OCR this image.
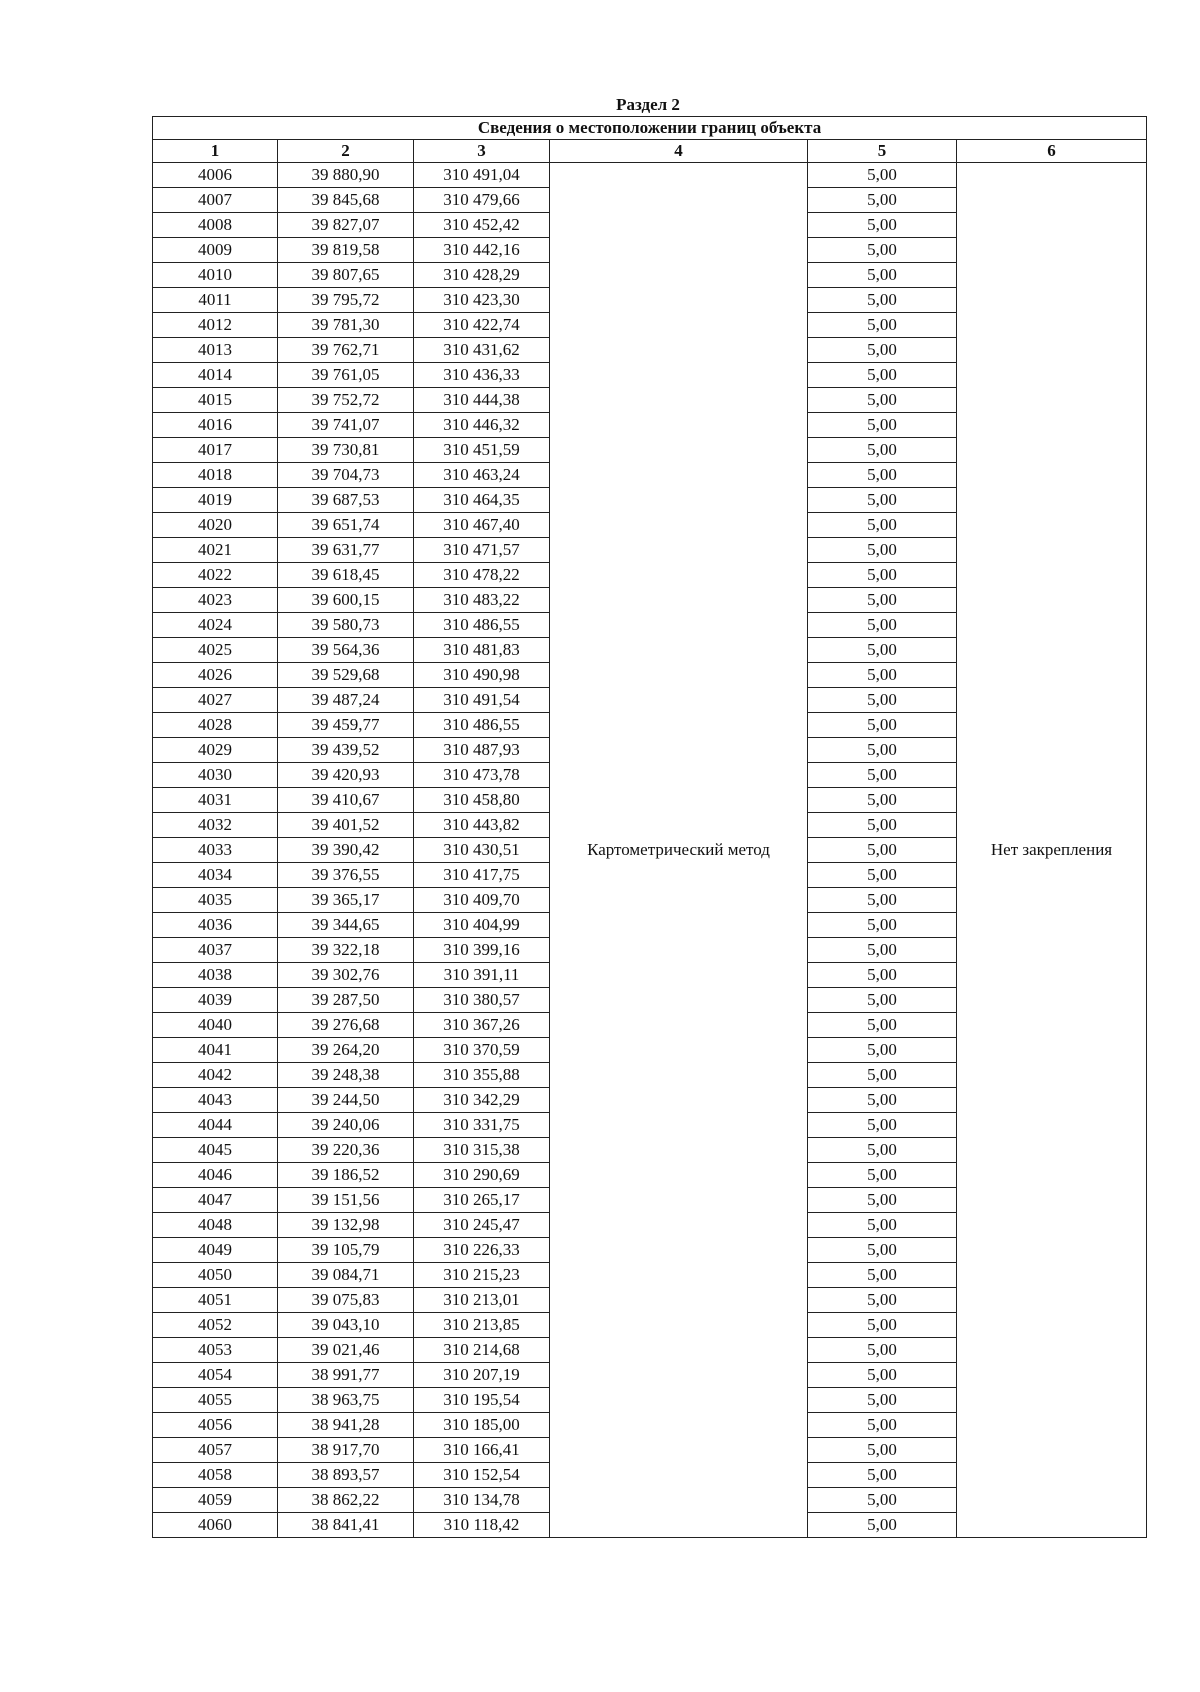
Раздел 2
Сведения о местоположении границ объекта					
1	2	3	4	5	6
4006	39 880,90	310 491,04	Картометрический метод	5,00	Нет закрепления
4007	39 845,68	310 479,66		5,00	
4008	39 827,07	310 452,42		5,00	
4009	39 819,58	310 442,16		5,00	
4010	39 807,65	310 428,29		5,00	
4011	39 795,72	310 423,30		5,00	
4012	39 781,30	310 422,74		5,00	
4013	39 762,71	310 431,62		5,00	
4014	39 761,05	310 436,33		5,00	
4015	39 752,72	310 444,38		5,00	
4016	39 741,07	310 446,32		5,00	
4017	39 730,81	310 451,59		5,00	
4018	39 704,73	310 463,24		5,00	
4019	39 687,53	310 464,35		5,00	
4020	39 651,74	310 467,40		5,00	
4021	39 631,77	310 471,57		5,00	
4022	39 618,45	310 478,22		5,00	
4023	39 600,15	310 483,22		5,00	
4024	39 580,73	310 486,55		5,00	
4025	39 564,36	310 481,83		5,00	
4026	39 529,68	310 490,98		5,00	
4027	39 487,24	310 491,54		5,00	
4028	39 459,77	310 486,55		5,00	
4029	39 439,52	310 487,93		5,00	
4030	39 420,93	310 473,78		5,00	
4031	39 410,67	310 458,80		5,00	
4032	39 401,52	310 443,82		5,00	
4033	39 390,42	310 430,51		5,00	
4034	39 376,55	310 417,75		5,00	
4035	39 365,17	310 409,70		5,00	
4036	39 344,65	310 404,99		5,00	
4037	39 322,18	310 399,16		5,00	
4038	39 302,76	310 391,11		5,00	
4039	39 287,50	310 380,57		5,00	
4040	39 276,68	310 367,26		5,00	
4041	39 264,20	310 370,59		5,00	
4042	39 248,38	310 355,88		5,00	
4043	39 244,50	310 342,29		5,00	
4044	39 240,06	310 331,75		5,00	
4045	39 220,36	310 315,38		5,00	
4046	39 186,52	310 290,69		5,00	
4047	39 151,56	310 265,17		5,00	
4048	39 132,98	310 245,47		5,00	
4049	39 105,79	310 226,33		5,00	
4050	39 084,71	310 215,23		5,00	
4051	39 075,83	310 213,01		5,00	
4052	39 043,10	310 213,85		5,00	
4053	39 021,46	310 214,68		5,00	
4054	38 991,77	310 207,19		5,00	
4055	38 963,75	310 195,54		5,00	
4056	38 941,28	310 185,00		5,00	
4057	38 917,70	310 166,41		5,00	
4058	38 893,57	310 152,54		5,00	
4059	38 862,22	310 134,78		5,00	
4060	38 841,41	310 118,42		5,00	
